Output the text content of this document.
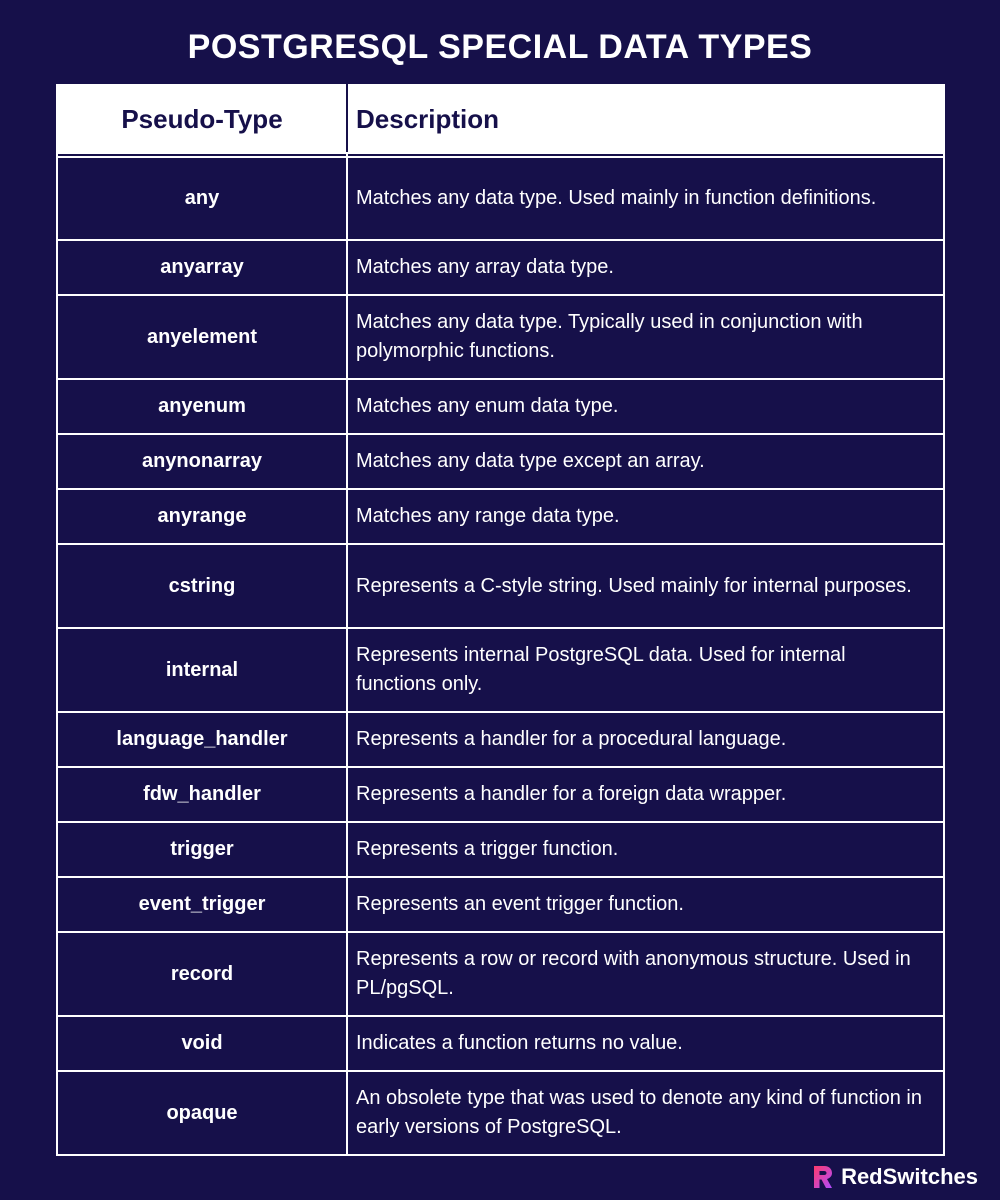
POSTGRESQL SPECIAL DATA TYPES
Pseudo-Type	Description

any	Matches any data type. Used mainly in function definitions.
anyarray	Matches any array data type.
anyelement	Matches any data type. Typically used in conjunction with polymorphic functions.
anyenum	Matches any enum data type.
anynonarray	Matches any data type except an array.
anyrange	Matches any range data type.
cstring	Represents a C-style string. Used mainly for internal purposes.
internal	Represents internal PostgreSQL data. Used for internal functions only.
language_handler	Represents a handler for a procedural language.
fdw_handler	Represents a handler for a foreign data wrapper.
trigger	Represents a trigger function.
event_trigger	Represents an event trigger function.
record	Represents a row or record with anonymous structure. Used in PL/pgSQL.
void	Indicates a function returns no value.
opaque	An obsolete type that was used to denote any kind of function in early versions of PostgreSQL.
RedSwitches
